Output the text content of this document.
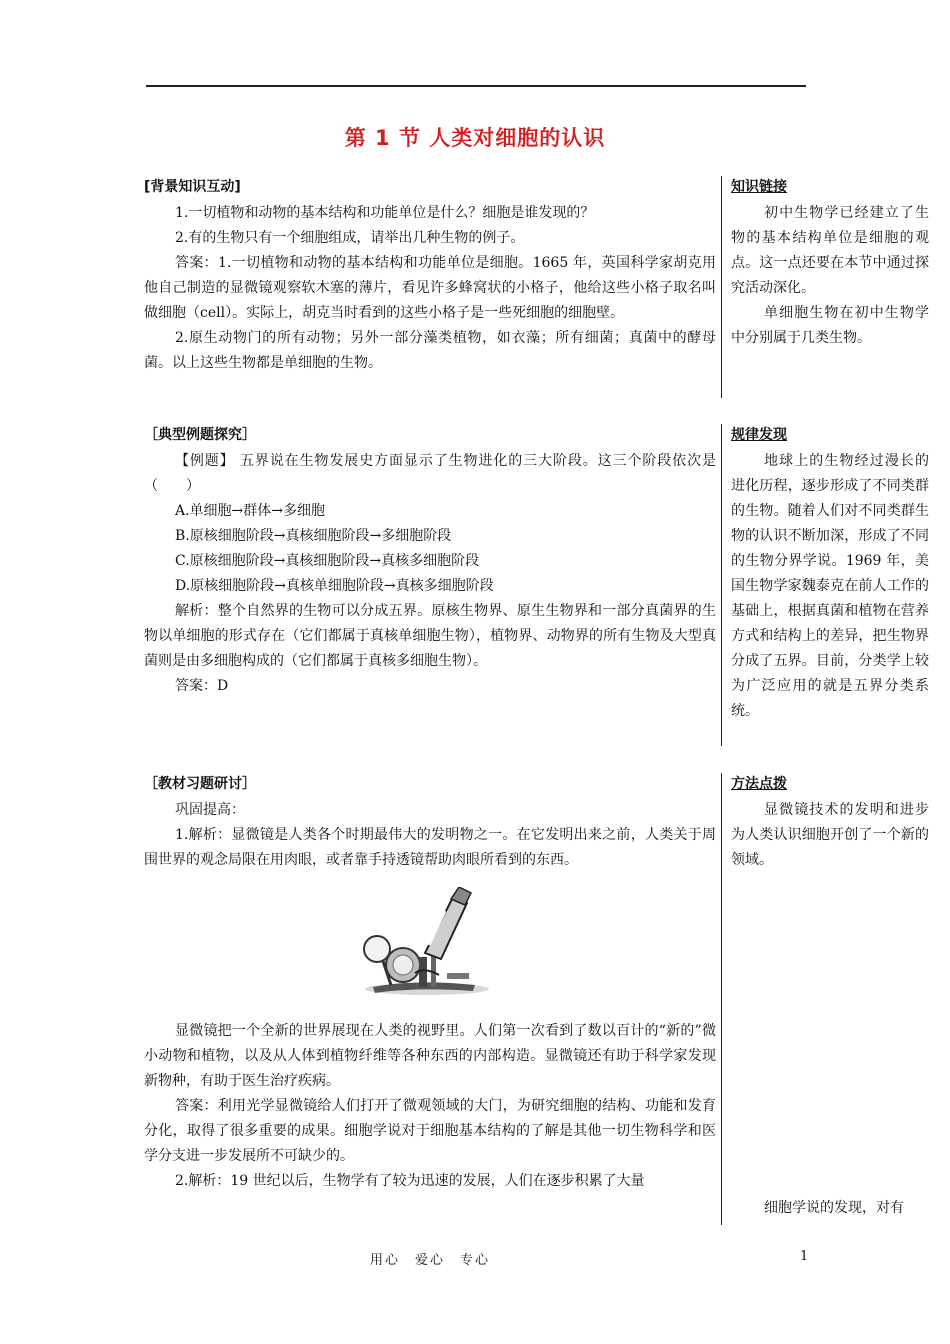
第 1 节 人类对细胞的认识
[背景知识互动]

1.一切植物和动物的基本结构和功能单位是什么？细胞是谁发现的？

2.有的生物只有一个细胞组成，请举出几种生物的例子。

答案：1.一切植物和动物的基本结构和功能单位是细胞。1665 年，英国科学家胡克用他自己制造的显微镜观察软木塞的薄片，看见许多蜂窝状的小格子，他给这些小格子取名叫做细胞（cell）。实际上，胡克当时看到的这些小格子是一些死细胞的细胞壁。

2.原生动物门的所有动物；另外一部分藻类植物，如衣藻；所有细菌；真菌中的酵母菌。以上这些生物都是单细胞的生物。

知识链接

初中生物学已经建立了生物的基本结构单位是细胞的观点。这一点还要在本节中通过探究活动深化。

单细胞生物在初中生物学中分别属于几类生物。

［典型例题探究］

【例题】 五界说在生物发展史方面显示了生物进化的三大阶段。这三个阶段依次是（　　）

A.单细胞→群体→多细胞

B.原核细胞阶段→真核细胞阶段→多细胞阶段

C.原核细胞阶段→真核细胞阶段→真核多细胞阶段

D.原核细胞阶段→真核单细胞阶段→真核多细胞阶段

解析：整个自然界的生物可以分成五界。原核生物界、原生生物界和一部分真菌界的生物以单细胞的形式存在（它们都属于真核单细胞生物），植物界、动物界的所有生物及大型真菌则是由多细胞构成的（它们都属于真核多细胞生物）。

答案：D

规律发现

地球上的生物经过漫长的进化历程，逐步形成了不同类群的生物。随着人们对不同类群生物的认识不断加深，形成了不同的生物分界学说。1969 年，美国生物学家魏泰克在前人工作的基础上，根据真菌和植物在营养方式和结构上的差异，把生物界分成了五界。目前，分类学上较为广泛应用的就是五界分类系统。

［教材习题研讨］

巩固提高：

1.解析：显微镜是人类各个时期最伟大的发明物之一。在它发明出来之前，人类关于周围世界的观念局限在用肉眼，或者靠手持透镜帮助肉眼所看到的东西。

显微镜把一个全新的世界展现在人类的视野里。人们第一次看到了数以百计的“新的”微小动物和植物，以及从人体到植物纤维等各种东西的内部构造。显微镜还有助于科学家发现新物种，有助于医生治疗疾病。

答案：利用光学显微镜给人们打开了微观领域的大门，为研究细胞的结构、功能和发育分化，取得了很多重要的成果。细胞学说对于细胞基本结构的了解是其他一切生物科学和医学分支进一步发展所不可缺少的。

2.解析：19 世纪以后，生物学有了较为迅速的发展，人们在逐步积累了大量

方法点拨

显微镜技术的发明和进步为人类认识细胞开创了一个新的领域。

细胞学说的发现，对有

用心　爱心　专心	1
